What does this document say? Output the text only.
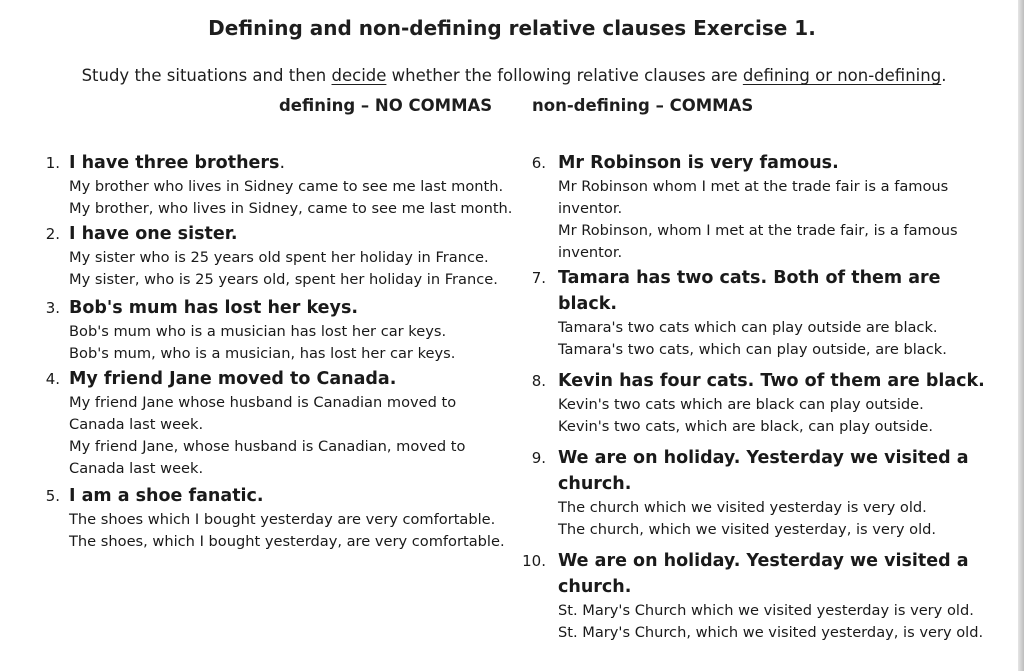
Defining and non-defining relative clauses Exercise 1.
Study the situations and then decide whether the following relative clauses are defining or non-defining.
defining – NO COMMAS non-defining – COMMAS
1. I have three brothers.
My brother who lives in Sidney came to see me last month.
My brother, who lives in Sidney, came to see me last month.
2. I have one sister.
My sister who is 25 years old spent her holiday in France.
My sister, who is 25 years old, spent her holiday in France.
3. Bob's mum has lost her keys.
Bob's mum who is a musician has lost her car keys.
Bob's mum, who is a musician, has lost her car keys.
4. My friend Jane moved to Canada.
My friend Jane whose husband is Canadian moved to Canada last week.
My friend Jane, whose husband is Canadian, moved to Canada last week.
5. I am a shoe fanatic.
The shoes which I bought yesterday are very comfortable.
The shoes, which I bought yesterday, are very comfortable.
6. Mr Robinson is very famous.
Mr Robinson whom I met at the trade fair is a famous inventor.
Mr Robinson, whom I met at the trade fair, is a famous inventor.
7. Tamara has two cats. Both of them are black.
Tamara's two cats which can play outside are black.
Tamara's two cats, which can play outside, are black.
8. Kevin has four cats. Two of them are black.
Kevin's two cats which are black can play outside.
Kevin's two cats, which are black, can play outside.
9. We are on holiday. Yesterday we visited a church.
The church which we visited yesterday is very old.
The church, which we visited yesterday, is very old.
10. We are on holiday. Yesterday we visited a church.
St. Mary's Church which we visited yesterday is very old.
St. Mary's Church, which we visited yesterday, is very old.
